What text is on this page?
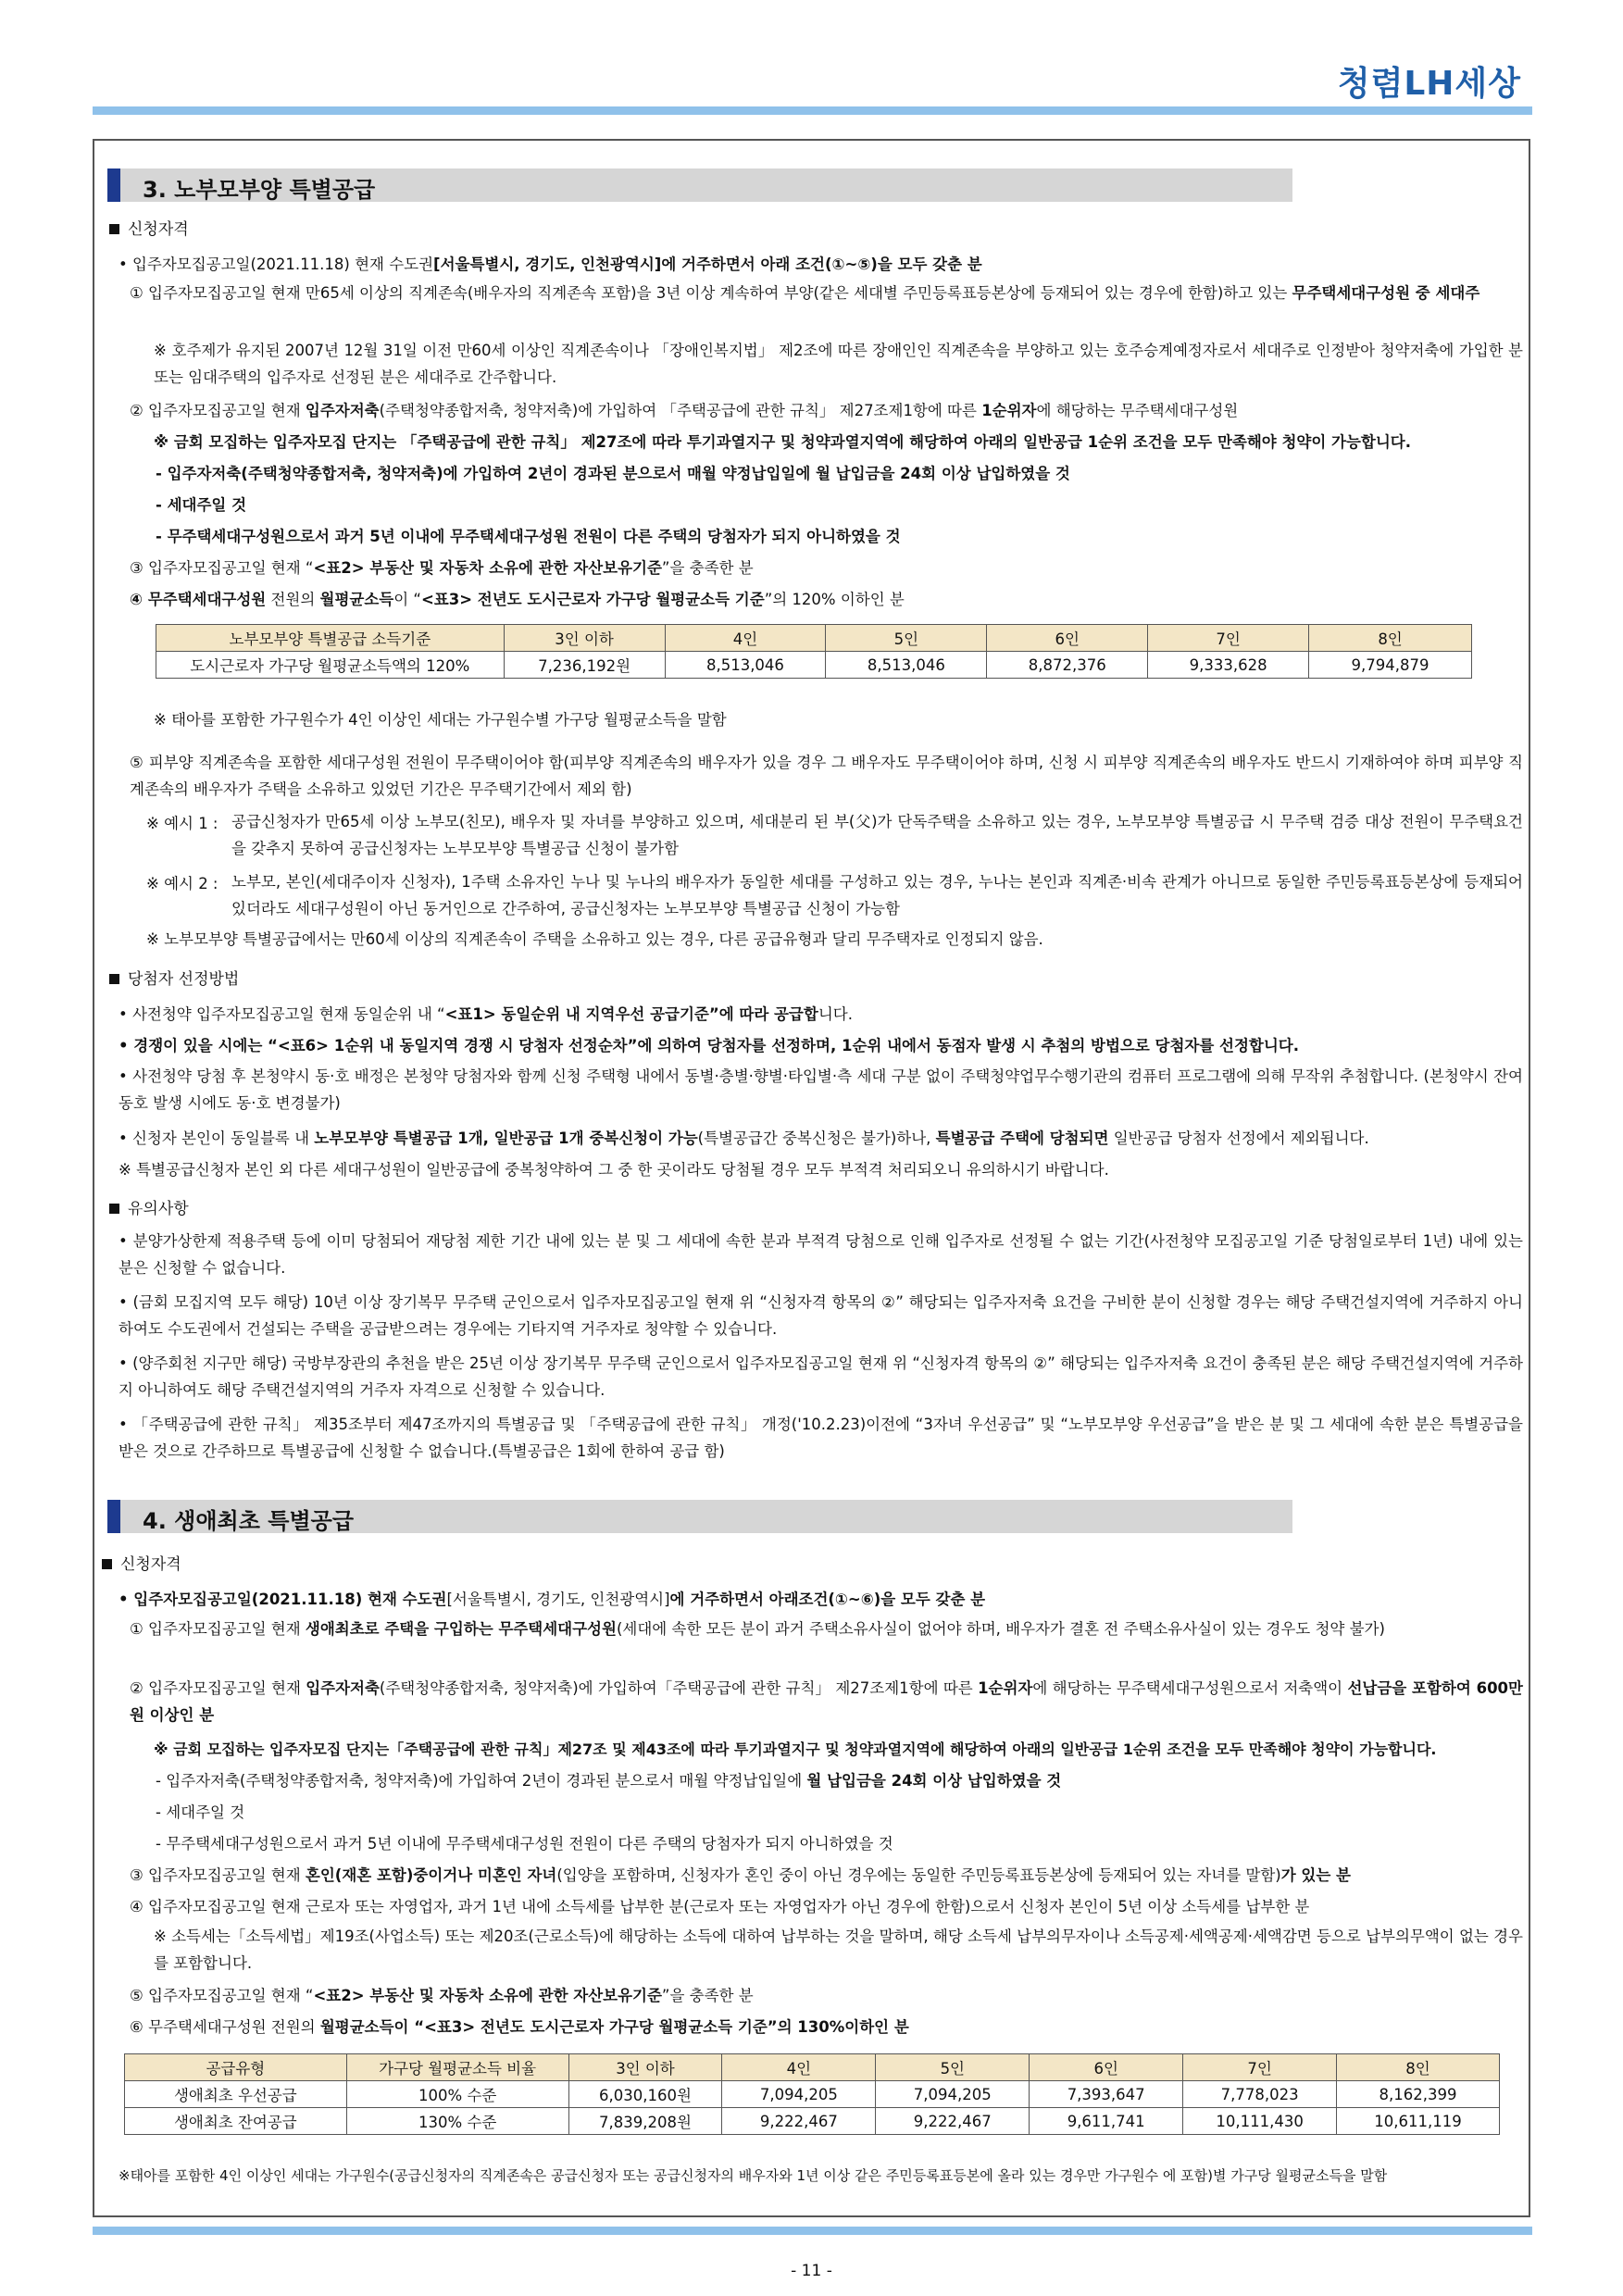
청렴LH세상
3. 노부모부양 특별공급
신청자격
• 입주자모집공고일(2021.11.18) 현재 수도권[서울특별시, 경기도, 인천광역시]에 거주하면서 아래 조건(①~⑤)을 모두 갖춘 분
① 입주자모집공고일 현재 만65세 이상의 직계존속(배우자의 직계존속 포함)을 3년 이상 계속하여 부양(같은 세대별 주민등록표등본상에 등재되어 있는 경우에 한함)하고 있는 무주택세대구성원 중 세대주
※ 호주제가 유지된 2007년 12월 31일 이전 만60세 이상인 직계존속이나 「장애인복지법」 제2조에 따른 장애인인 직계존속을 부양하고 있는 호주승계예정자로서 세대주로 인정받아 청약저축에 가입한 분 또는 임대주택의 입주자로 선정된 분은 세대주로 간주합니다.
② 입주자모집공고일 현재 입주자저축(주택청약종합저축, 청약저축)에 가입하여 「주택공급에 관한 규칙」 제27조제1항에 따른 1순위자에 해당하는 무주택세대구성원
※ 금회 모집하는 입주자모집 단지는 「주택공급에 관한 규칙」 제27조에 따라 투기과열지구 및 청약과열지역에 해당하여 아래의 일반공급 1순위 조건을 모두 만족해야 청약이 가능합니다.
- 입주자저축(주택청약종합저축, 청약저축)에 가입하여 2년이 경과된 분으로서 매월 약정납입일에 월 납입금을 24회 이상 납입하였을 것
- 세대주일 것
- 무주택세대구성원으로서 과거 5년 이내에 무주택세대구성원 전원이 다른 주택의 당첨자가 되지 아니하였을 것
③ 입주자모집공고일 현재 “<표2> 부동산 및 자동차 소유에 관한 자산보유기준”을 충족한 분
④ 무주택세대구성원 전원의 월평균소득이 “<표3> 전년도 도시근로자 가구당 월평균소득 기준”의 120% 이하인 분
노부모부양 특별공급 소득기준	3인 이하	4인	5인	6인	7인	8인
도시근로자 가구당 월평균소득액의 120%	7,236,192원	8,513,046	8,513,046	8,872,376	9,333,628	9,794,879
※ 태아를 포함한 가구원수가 4인 이상인 세대는 가구원수별 가구당 월평균소득을 말함
⑤ 피부양 직계존속을 포함한 세대구성원 전원이 무주택이어야 함(피부양 직계존속의 배우자가 있을 경우 그 배우자도 무주택이어야 하며, 신청 시 피부양 직계존속의 배우자도 반드시 기재하여야 하며 피부양 직계존속의 배우자가 주택을 소유하고 있었던 기간은 무주택기간에서 제외 함)
※ 예시 1 : 공급신청자가 만65세 이상 노부모(친모), 배우자 및 자녀를 부양하고 있으며, 세대분리 된 부(父)가 단독주택을 소유하고 있는 경우, 노부모부양 특별공급 시 무주택 검증 대상 전원이 무주택요건을 갖추지 못하여 공급신청자는 노부모부양 특별공급 신청이 불가함
※ 예시 2 : 노부모, 본인(세대주이자 신청자), 1주택 소유자인 누나 및 누나의 배우자가 동일한 세대를 구성하고 있는 경우, 누나는 본인과 직계존·비속 관계가 아니므로 동일한 주민등록표등본상에 등재되어 있더라도 세대구성원이 아닌 동거인으로 간주하여, 공급신청자는 노부모부양 특별공급 신청이 가능함
※ 노부모부양 특별공급에서는 만60세 이상의 직계존속이 주택을 소유하고 있는 경우, 다른 공급유형과 달리 무주택자로 인정되지 않음.
당첨자 선정방법
• 사전청약 입주자모집공고일 현재 동일순위 내 “<표1> 동일순위 내 지역우선 공급기준”에 따라 공급합니다.
• 경쟁이 있을 시에는 “<표6> 1순위 내 동일지역 경쟁 시 당첨자 선정순차”에 의하여 당첨자를 선정하며, 1순위 내에서 동점자 발생 시 추첨의 방법으로 당첨자를 선정합니다.
• 사전청약 당첨 후 본청약시 동·호 배정은 본청약 당첨자와 함께 신청 주택형 내에서 동별·층별·향별·타입별·측 세대 구분 없이 주택청약업무수행기관의 컴퓨터 프로그램에 의해 무작위 추첨합니다. (본청약시 잔여 동호 발생 시에도 동·호 변경불가)
• 신청자 본인이 동일블록 내 노부모부양 특별공급 1개, 일반공급 1개 중복신청이 가능(특별공급간 중복신청은 불가)하나, 특별공급 주택에 당첨되면 일반공급 당첨자 선정에서 제외됩니다.
※ 특별공급신청자 본인 외 다른 세대구성원이 일반공급에 중복청약하여 그 중 한 곳이라도 당첨될 경우 모두 부적격 처리되오니 유의하시기 바랍니다.
유의사항
• 분양가상한제 적용주택 등에 이미 당첨되어 재당첨 제한 기간 내에 있는 분 및 그 세대에 속한 분과 부적격 당첨으로 인해 입주자로 선정될 수 없는 기간(사전청약 모집공고일 기준 당첨일로부터 1년) 내에 있는 분은 신청할 수 없습니다.
• (금회 모집지역 모두 해당) 10년 이상 장기복무 무주택 군인으로서 입주자모집공고일 현재 위 “신청자격 항목의 ②” 해당되는 입주자저축 요건을 구비한 분이 신청할 경우는 해당 주택건설지역에 거주하지 아니하여도 수도권에서 건설되는 주택을 공급받으려는 경우에는 기타지역 거주자로 청약할 수 있습니다.
• (양주회천 지구만 해당) 국방부장관의 추천을 받은 25년 이상 장기복무 무주택 군인으로서 입주자모집공고일 현재 위 “신청자격 항목의 ②” 해당되는 입주자저축 요건이 충족된 분은 해당 주택건설지역에 거주하지 아니하여도 해당 주택건설지역의 거주자 자격으로 신청할 수 있습니다.
• 「주택공급에 관한 규칙」 제35조부터 제47조까지의 특별공급 및 「주택공급에 관한 규칙」 개정('10.2.23)이전에 “3자녀 우선공급” 및 “노부모부양 우선공급”을 받은 분 및 그 세대에 속한 분은 특별공급을 받은 것으로 간주하므로 특별공급에 신청할 수 없습니다.(특별공급은 1회에 한하여 공급 함)
4. 생애최초 특별공급
신청자격
• 입주자모집공고일(2021.11.18) 현재 수도권[서울특별시, 경기도, 인천광역시]에 거주하면서 아래조건(①~⑥)을 모두 갖춘 분
① 입주자모집공고일 현재 생애최초로 주택을 구입하는 무주택세대구성원(세대에 속한 모든 분이 과거 주택소유사실이 없어야 하며, 배우자가 결혼 전 주택소유사실이 있는 경우도 청약 불가)
② 입주자모집공고일 현재 입주자저축(주택청약종합저축, 청약저축)에 가입하여「주택공급에 관한 규칙」 제27조제1항에 따른 1순위자에 해당하는 무주택세대구성원으로서 저축액이 선납금을 포함하여 600만원 이상인 분
※ 금회 모집하는 입주자모집 단지는「주택공급에 관한 규칙」제27조 및 제43조에 따라 투기과열지구 및 청약과열지역에 해당하여 아래의 일반공급 1순위 조건을 모두 만족해야 청약이 가능합니다.
- 입주자저축(주택청약종합저축, 청약저축)에 가입하여 2년이 경과된 분으로서 매월 약정납입일에 월 납입금을 24회 이상 납입하였을 것
- 세대주일 것
- 무주택세대구성원으로서 과거 5년 이내에 무주택세대구성원 전원이 다른 주택의 당첨자가 되지 아니하였을 것
③ 입주자모집공고일 현재 혼인(재혼 포함)중이거나 미혼인 자녀(입양을 포함하며, 신청자가 혼인 중이 아닌 경우에는 동일한 주민등록표등본상에 등재되어 있는 자녀를 말함)가 있는 분
④ 입주자모집공고일 현재 근로자 또는 자영업자, 과거 1년 내에 소득세를 납부한 분(근로자 또는 자영업자가 아닌 경우에 한함)으로서 신청자 본인이 5년 이상 소득세를 납부한 분
※ 소득세는「소득세법」제19조(사업소득) 또는 제20조(근로소득)에 해당하는 소득에 대하여 납부하는 것을 말하며, 해당 소득세 납부의무자이나 소득공제·세액공제·세액감면 등으로 납부의무액이 없는 경우를 포함합니다.
⑤ 입주자모집공고일 현재 “<표2> 부동산 및 자동차 소유에 관한 자산보유기준”을 충족한 분
⑥ 무주택세대구성원 전원의 월평균소득이 “<표3> 전년도 도시근로자 가구당 월평균소득 기준”의 130%이하인 분
공급유형	가구당 월평균소득 비율	3인 이하	4인	5인	6인	7인	8인
생애최초 우선공급	100% 수준	6,030,160원	7,094,205	7,094,205	7,393,647	7,778,023	8,162,399
생애최초 잔여공급	130% 수준	7,839,208원	9,222,467	9,222,467	9,611,741	10,111,430	10,611,119
※태아를 포함한 4인 이상인 세대는 가구원수(공급신청자의 직계존속은 공급신청자 또는 공급신청자의 배우자와 1년 이상 같은 주민등록표등본에 올라 있는 경우만 가구원수 에 포함)별 가구당 월평균소득을 말함
- 11 -
